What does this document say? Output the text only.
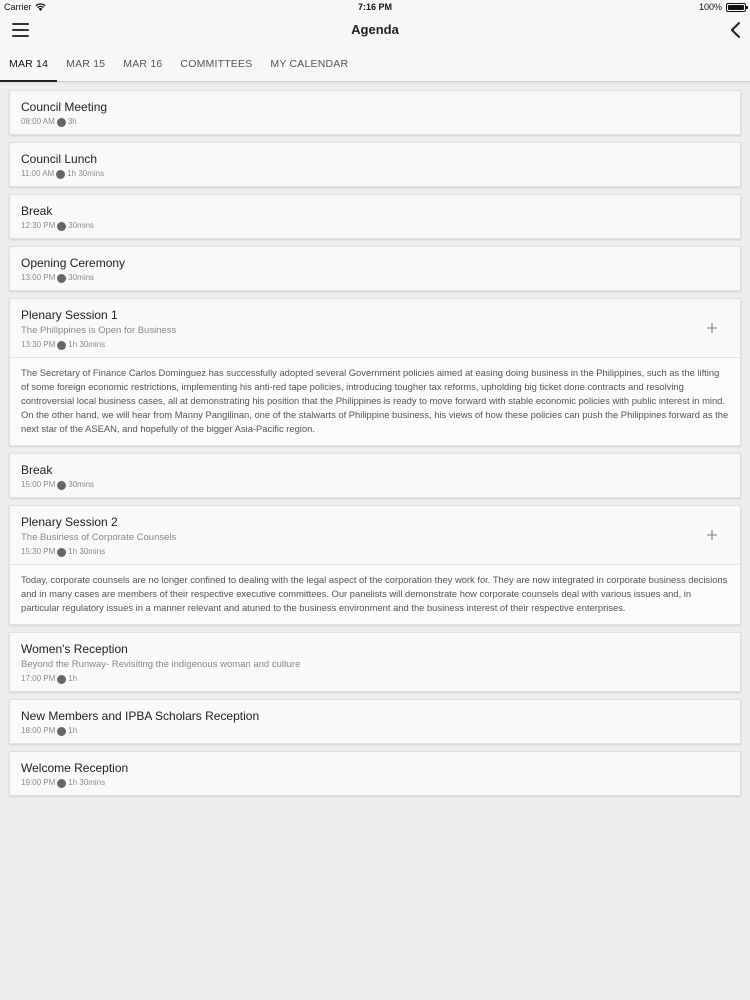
Carrier	7:16 PM	100%
Agenda
MAR 14	MAR 15	MAR 16	COMMITTEES	MY CALENDAR
Council Meeting
08:00 AM 3h
Council Lunch
11:00 AM 1h 30mins
Break
12:30 PM 30mins
Opening Ceremony
13:00 PM 30mins
Plenary Session 1
The Philippines is Open for Business
13:30 PM 1h 30mins
The Secretary of Finance Carlos Dominguez has successfully adopted several Government policies aimed at easing doing business in the Philippines, such as the lifting of some foreign economic restrictions, implementing his anti-red tape policies, introducing tougher tax reforms, upholding big ticket done contracts and resolving controversial local business cases, all at demonstrating his position that the Philippines is ready to move forward with stable economic policies with public interest in mind. On the other hand, we will hear from Manny Pangilinan, one of the stalwarts of Philippine business, his views of how these policies can push the Philippines forward as the next star of the ASEAN, and hopefully of the bigger Asia-Pacific region.
Break
15:00 PM 30mins
Plenary Session 2
The Business of Corporate Counsels
15:30 PM 1h 30mins
Today, corporate counsels are no longer confined to dealing with the legal aspect of the corporation they work for. They are now integrated in corporate business decisions and in many cases are members of their respective executive committees. Our panelists will demonstrate how corporate counsels deal with various issues and, in particular regulatory issues in a manner relevant and atuned to the business environment and the business interest of their respective enterprises.
Women's Reception
Beyond the Runway- Revisiting the indigenous woman and culture
17:00 PM 1h
New Members and IPBA Scholars Reception
18:00 PM 1h
Welcome Reception
19:00 PM 1h 30mins
